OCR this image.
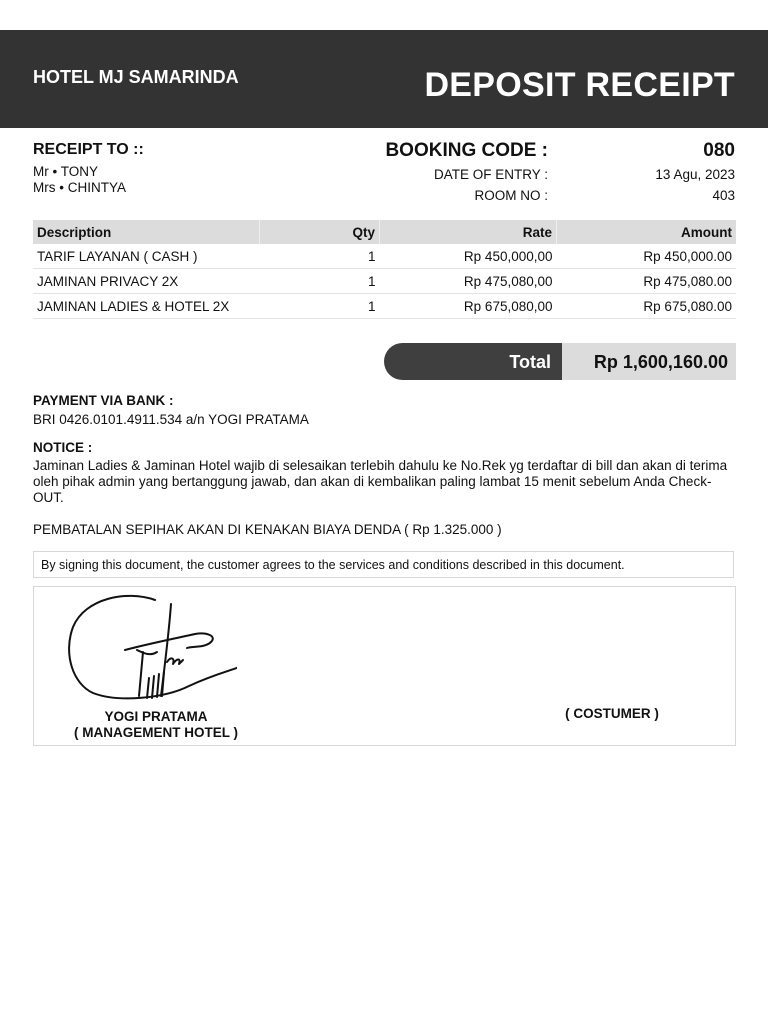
HOTEL MJ SAMARINDA	DEPOSIT RECEIPT
RECEIPT TO ::
Mr • TONY
Mrs • CHINTYA
BOOKING CODE :	080
DATE OF ENTRY :	13 Agu, 2023
ROOM NO :	403
Description	Qty	Rate	Amount
TARIF LAYANAN ( CASH )	1	Rp 450,000,00	Rp 450,000.00
JAMINAN PRIVACY 2X	1	Rp 475,080,00	Rp 475,080.00
JAMINAN LADIES & HOTEL 2X	1	Rp 675,080,00	Rp 675,080.00
Total Rp 1,600,160.00
PAYMENT VIA BANK :
BRI 0426.0101.4911.534 a/n YOGI PRATAMA
NOTICE :
Jaminan Ladies & Jaminan Hotel wajib di selesaikan terlebih dahulu ke No.Rek yg terdaftar di bill dan akan di terima oleh pihak admin yang bertanggung jawab, dan akan di kembalikan paling lambat 15 menit sebelum Anda Check-OUT.
PEMBATALAN SEPIHAK AKAN DI KENAKAN BIAYA DENDA ( Rp 1.325.000 )
By signing this document, the customer agrees to the services and conditions described in this document.
YOGI PRATAMA
( MANAGEMENT HOTEL )
( COSTUMER )
